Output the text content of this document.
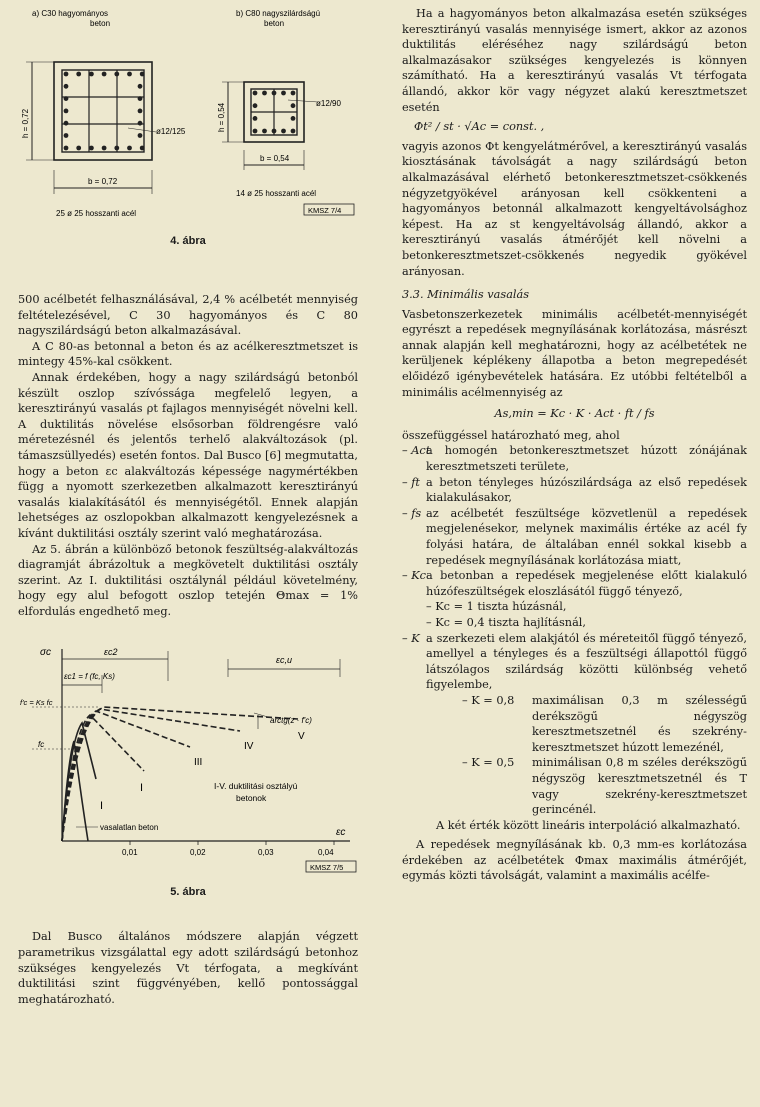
a) C30 hagyományos
beton
h = 0,72
b = 0,72
ø12/125
25 ø 25 hosszanti acél
b) C80 nagyszilárdságú
beton
h = 0,54
b = 0,54
ø12/90
14 ø 25 hosszanti acél
KMSZ 7/4
4. ábra

500 acélbetét felhasználásával, 2,4 % acélbetét mennyiség feltételezésével, C 30 hagyományos és C 80 nagyszilárdságú beton alkalmazásával.

A C 80-as betonnal a beton és az acélkeresztmetszet is mintegy 45%-kal csökkent.

Annak érdekében, hogy a nagy szilárdságú betonból készült oszlop szívóssága megfelelő legyen, a keresztirányú vasalás ρt fajlagos mennyiségét növelni kell. A duktilitás növelése elsősorban földrengésre való méretezésnél és jelentős terhelő alakváltozások (pl. támaszsüllyedés) esetén fontos. Dal Busco [6] megmutatta, hogy a beton εc alakváltozás képessége nagymértékben függ a nyomott szerkezetben alkalmazott keresztirányú vasalás kialakításától és mennyiségétől. Ennek alapján lehetséges az oszlopokban alkalmazott kengyelezésnek a kívánt duktilitási osztály szerint való meghatározása.

Az 5. ábrán a különböző betonok feszültség-alakváltozás diagramját ábrázoltuk a megkövetelt duktilitási osztály szerint. Az I. duktilitási osztálynál például követelmény, hogy egy alul befogott oszlop tetején Θmax = 1% elfordulás engedhető meg.

σc
εc
εc2
εc,u
εc1 = f (fc, Ks)
f'c = Ks fc
fc
arctg(z · f'c)
I
I
III
IV
V
I-V. duktilitási osztályú
betonok
vasalatlan beton
0,01	0,02	0,03	0,04
KMSZ 7/5
5. ábra

Dal Busco általános módszere alapján végzett parametrikus vizsgálattal egy adott szilárdságú betonhoz szükséges kengyelezés Vt térfogata, a megkívánt duktilitási szint függvényében, kellő pontossággal meghatározható.

Ha a hagyományos beton alkalmazása esetén szükséges keresztirányú vasalás mennyisége ismert, akkor az azonos duktilitás eléréséhez nagy szilárdságú beton alkalmazásakor szükséges kengyelezés is könnyen számítható. Ha a keresztirányú vasalás Vt térfogata állandó, akkor kör vagy négyzet alakú keresztmetszet esetén

Φt² / st · √Ac = const. ,

vagyis azonos Φt kengyelátmérővel, a keresztirányú vasalás kiosztásának távolságát a nagy szilárdságú beton alkalmazásával elérhető betonkeresztmetszet-csökkenés négyzetgyökével arányosan kell csökkenteni a hagyományos betonnál alkalmazott kengyeltávolsághoz képest. Ha az st kengyeltávolság állandó, akkor a keresztirányú vasalás átmérőjét kell növelni a betonkeresztmetszet-csökkenés negyedik gyökével arányosan.

3.3. Minimális vasalás

Vasbetonszerkezetek minimális acélbetét-mennyiségét egyrészt a repedések megnyílásának korlátozása, másrészt annak alapján kell meghatározni, hogy az acélbetétek ne kerüljenek képlékeny állapotba a beton megrepedését előidéző igénybevételek hatására. Ez utóbbi feltételből a minimális acélmennyiség az

As,min = Kc · K · Act · ft / fs

összefüggéssel határozható meg, ahol

– Act
a homogén betonkeresztmetszet húzott zónájának keresztmetszeti területe,
– ft a beton tényleges húzószilárdsága az első repedések kialakulásakor,
– fs az acélbetét feszültsége közvetlenül a repedések megjelenésekor, melynek maximális értéke az acél fy folyási határa, de általában ennél sokkal kisebb a repedések megnyílásának korlátozása miatt,
– Kc a betonban a repedések megjelenése előtt kialakuló húzófeszültségek eloszlásától függő tényező,
– Kc = 1 tiszta húzásnál,
– Kc = 0,4 tiszta hajlításnál,
– K a szerkezeti elem alakjától és méreteitől függő tényező, amellyel a tényleges és a feszültségi állapottól függő látszólagos szilárdság közötti különbség vehető figyelembe,
– K = 0,8 maximálisan 0,3 m szélességű derékszögű négyszög keresztmetszetnél és szekrény-keresztmetszet húzott lemezénél,
– K = 0,5 minimálisan 0,8 m széles derékszögű négyszög keresztmetszetnél és T vagy szekrény-keresztmetszet gerincénél.

A két érték között lineáris interpoláció alkalmazható.

A repedések megnyílásának kb. 0,3 mm-es korlátozása érdekében az acélbetétek Φmax maximális átmérőjét, egymás közti távolságát, valamint a maximális acélfe-
